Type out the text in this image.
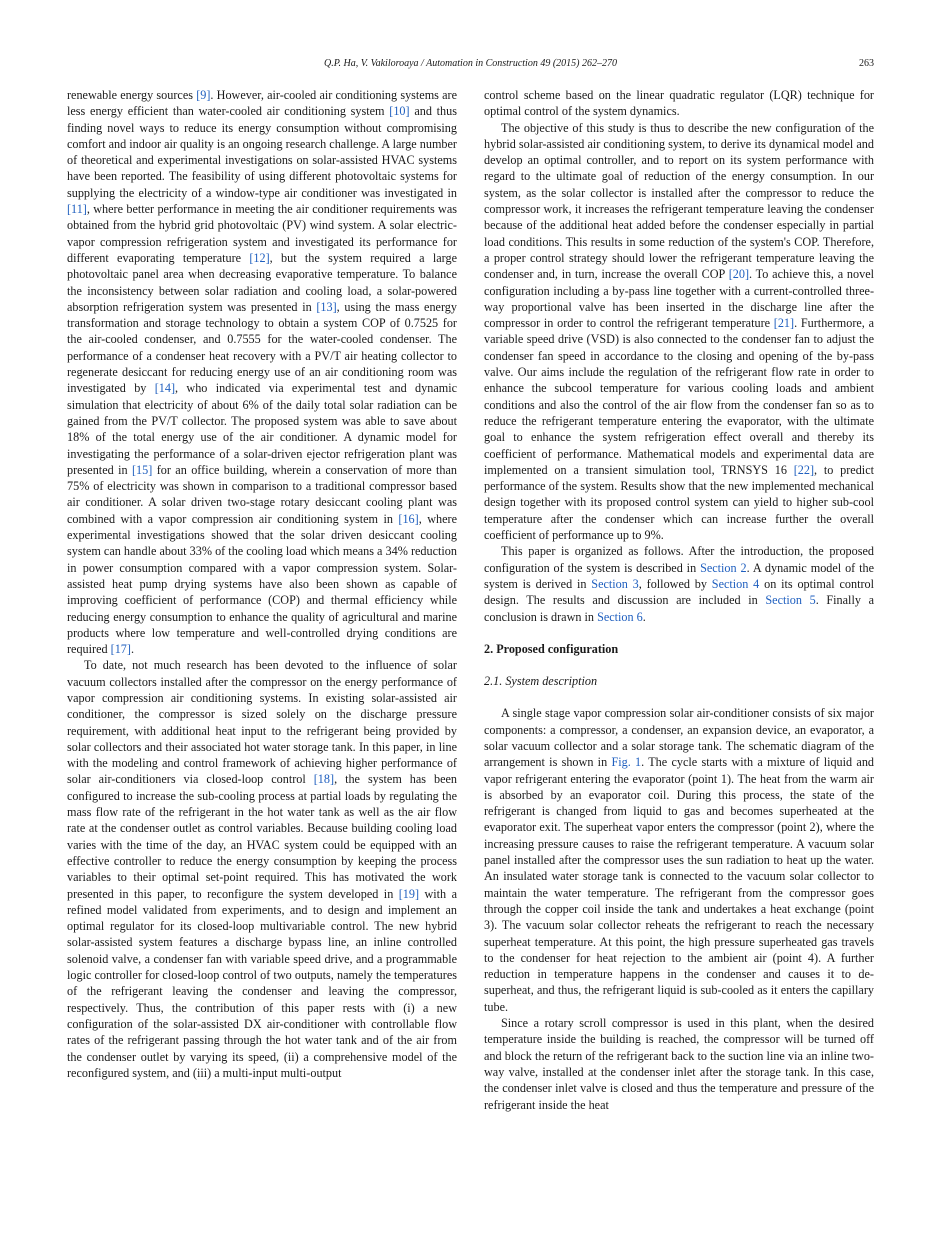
Q.P. Ha, V. Vakiloroaya / Automation in Construction 49 (2015) 262–270	263

renewable energy sources [9]. However, air-cooled air conditioning systems are less energy efficient than water-cooled air conditioning system [10] and thus finding novel ways to reduce its energy consumption without compromising comfort and indoor air quality is an ongoing research challenge. A large number of theoretical and experimental investigations on solar-assisted HVAC systems have been reported. The feasibility of using different photovoltaic systems for supplying the electricity of a window-type air conditioner was investigated in [11], where better performance in meeting the air conditioner requirements was obtained from the hybrid grid photovoltaic (PV) wind system. A solar electric-vapor compression refrigeration system and investigated its performance for different evaporating temperature [12], but the system required a large photovoltaic panel area when decreasing evaporative temperature. To balance the inconsistency between solar radiation and cooling load, a solar-powered absorption refrigeration system was presented in [13], using the mass energy transformation and storage technology to obtain a system COP of 0.7525 for the air-cooled condenser, and 0.7555 for the water-cooled condenser. The performance of a condenser heat recovery with a PV/T air heating collector to regenerate desiccant for reducing energy use of an air conditioning room was investigated by [14], who indicated via experimental test and dynamic simulation that electricity of about 6% of the daily total solar radiation can be gained from the PV/T collector. The proposed system was able to save about 18% of the total energy use of the air conditioner. A dynamic model for investigating the performance of a solar-driven ejector refrigeration plant was presented in [15] for an office building, wherein a conservation of more than 75% of electricity was shown in comparison to a traditional compressor based air conditioner. A solar driven two-stage rotary desiccant cooling plant was combined with a vapor compression air conditioning system in [16], where experimental investigations showed that the solar driven desiccant cooling system can handle about 33% of the cooling load which means a 34% reduction in power consumption compared with a vapor compression system. Solar-assisted heat pump drying systems have also been shown as capable of improving coefficient of performance (COP) and thermal efficiency while reducing energy consumption to enhance the quality of agricultural and marine products where low temperature and well-controlled drying conditions are required [17].

To date, not much research has been devoted to the influence of solar vacuum collectors installed after the compressor on the energy performance of vapor compression air conditioning systems. In existing solar-assisted air conditioner, the compressor is sized solely on the discharge pressure requirement, with additional heat input to the refrigerant being provided by solar collectors and their associated hot water storage tank. In this paper, in line with the modeling and control framework of achieving higher performance of solar air-conditioners via closed-loop control [18], the system has been configured to increase the sub-cooling process at partial loads by regulating the mass flow rate of the refrigerant in the hot water tank as well as the air flow rate at the condenser outlet as control variables. Because building cooling load varies with the time of the day, an HVAC system could be equipped with an effective controller to reduce the energy consumption by keeping the process variables to their optimal set-point required. This has motivated the work presented in this paper, to reconfigure the system developed in [19] with a refined model validated from experiments, and to design and implement an optimal regulator for its closed-loop multivariable control. The new hybrid solar-assisted system features a discharge bypass line, an inline controlled solenoid valve, a condenser fan with variable speed drive, and a programmable logic controller for closed-loop control of two outputs, namely the temperatures of the refrigerant leaving the condenser and leaving the compressor, respectively. Thus, the contribution of this paper rests with (i) a new configuration of the solar-assisted DX air-conditioner with controllable flow rates of the refrigerant passing through the hot water tank and of the air from the condenser outlet by varying its speed, (ii) a comprehensive model of the reconfigured system, and (iii) a multi-input multi-output

control scheme based on the linear quadratic regulator (LQR) technique for optimal control of the system dynamics.

The objective of this study is thus to describe the new configuration of the hybrid solar-assisted air conditioning system, to derive its dynamical model and develop an optimal controller, and to report on its system performance with regard to the ultimate goal of reduction of the energy consumption. In our system, as the solar collector is installed after the compressor to reduce the compressor work, it increases the refrigerant temperature leaving the condenser because of the additional heat added before the condenser especially in partial load conditions. This results in some reduction of the system's COP. Therefore, a proper control strategy should lower the refrigerant temperature leaving the condenser and, in turn, increase the overall COP [20]. To achieve this, a novel configuration including a by-pass line together with a current-controlled three-way proportional valve has been inserted in the discharge line after the compressor in order to control the refrigerant temperature [21]. Furthermore, a variable speed drive (VSD) is also connected to the condenser fan to adjust the condenser fan speed in accordance to the closing and opening of the by-pass valve. Our aims include the regulation of the refrigerant flow rate in order to enhance the subcool temperature for various cooling loads and ambient conditions and also the control of the air flow from the condenser fan so as to reduce the refrigerant temperature entering the evaporator, with the ultimate goal to enhance the system refrigeration effect overall and thereby its coefficient of performance. Mathematical models and experimental data are implemented on a transient simulation tool, TRNSYS 16 [22], to predict performance of the system. Results show that the new implemented mechanical design together with its proposed control system can yield to higher sub-cool temperature after the condenser which can increase further the overall coefficient of performance up to 9%.

This paper is organized as follows. After the introduction, the proposed configuration of the system is described in Section 2. A dynamic model of the system is derived in Section 3, followed by Section 4 on its optimal control design. The results and discussion are included in Section 5. Finally a conclusion is drawn in Section 6.

2. Proposed configuration

2.1. System description

A single stage vapor compression solar air-conditioner consists of six major components: a compressor, a condenser, an expansion device, an evaporator, a solar vacuum collector and a solar storage tank. The schematic diagram of the arrangement is shown in Fig. 1. The cycle starts with a mixture of liquid and vapor refrigerant entering the evaporator (point 1). The heat from the warm air is absorbed by an evaporator coil. During this process, the state of the refrigerant is changed from liquid to gas and becomes superheated at the evaporator exit. The superheat vapor enters the compressor (point 2), where the increasing pressure causes to raise the refrigerant temperature. A vacuum solar panel installed after the compressor uses the sun radiation to heat up the water. An insulated water storage tank is connected to the vacuum solar collector to maintain the water temperature. The refrigerant from the compressor goes through the copper coil inside the tank and undertakes a heat exchange (point 3). The vacuum solar collector reheats the refrigerant to reach the necessary superheat temperature. At this point, the high pressure superheated gas travels to the condenser for heat rejection to the ambient air (point 4). A further reduction in temperature happens in the condenser and causes it to de-superheat, and thus, the refrigerant liquid is sub-cooled as it enters the capillary tube.

Since a rotary scroll compressor is used in this plant, when the desired temperature inside the building is reached, the compressor will be turned off and block the return of the refrigerant back to the suction line via an inline two-way valve, installed at the condenser inlet after the storage tank. In this case, the condenser inlet valve is closed and thus the temperature and pressure of the refrigerant inside the heat
